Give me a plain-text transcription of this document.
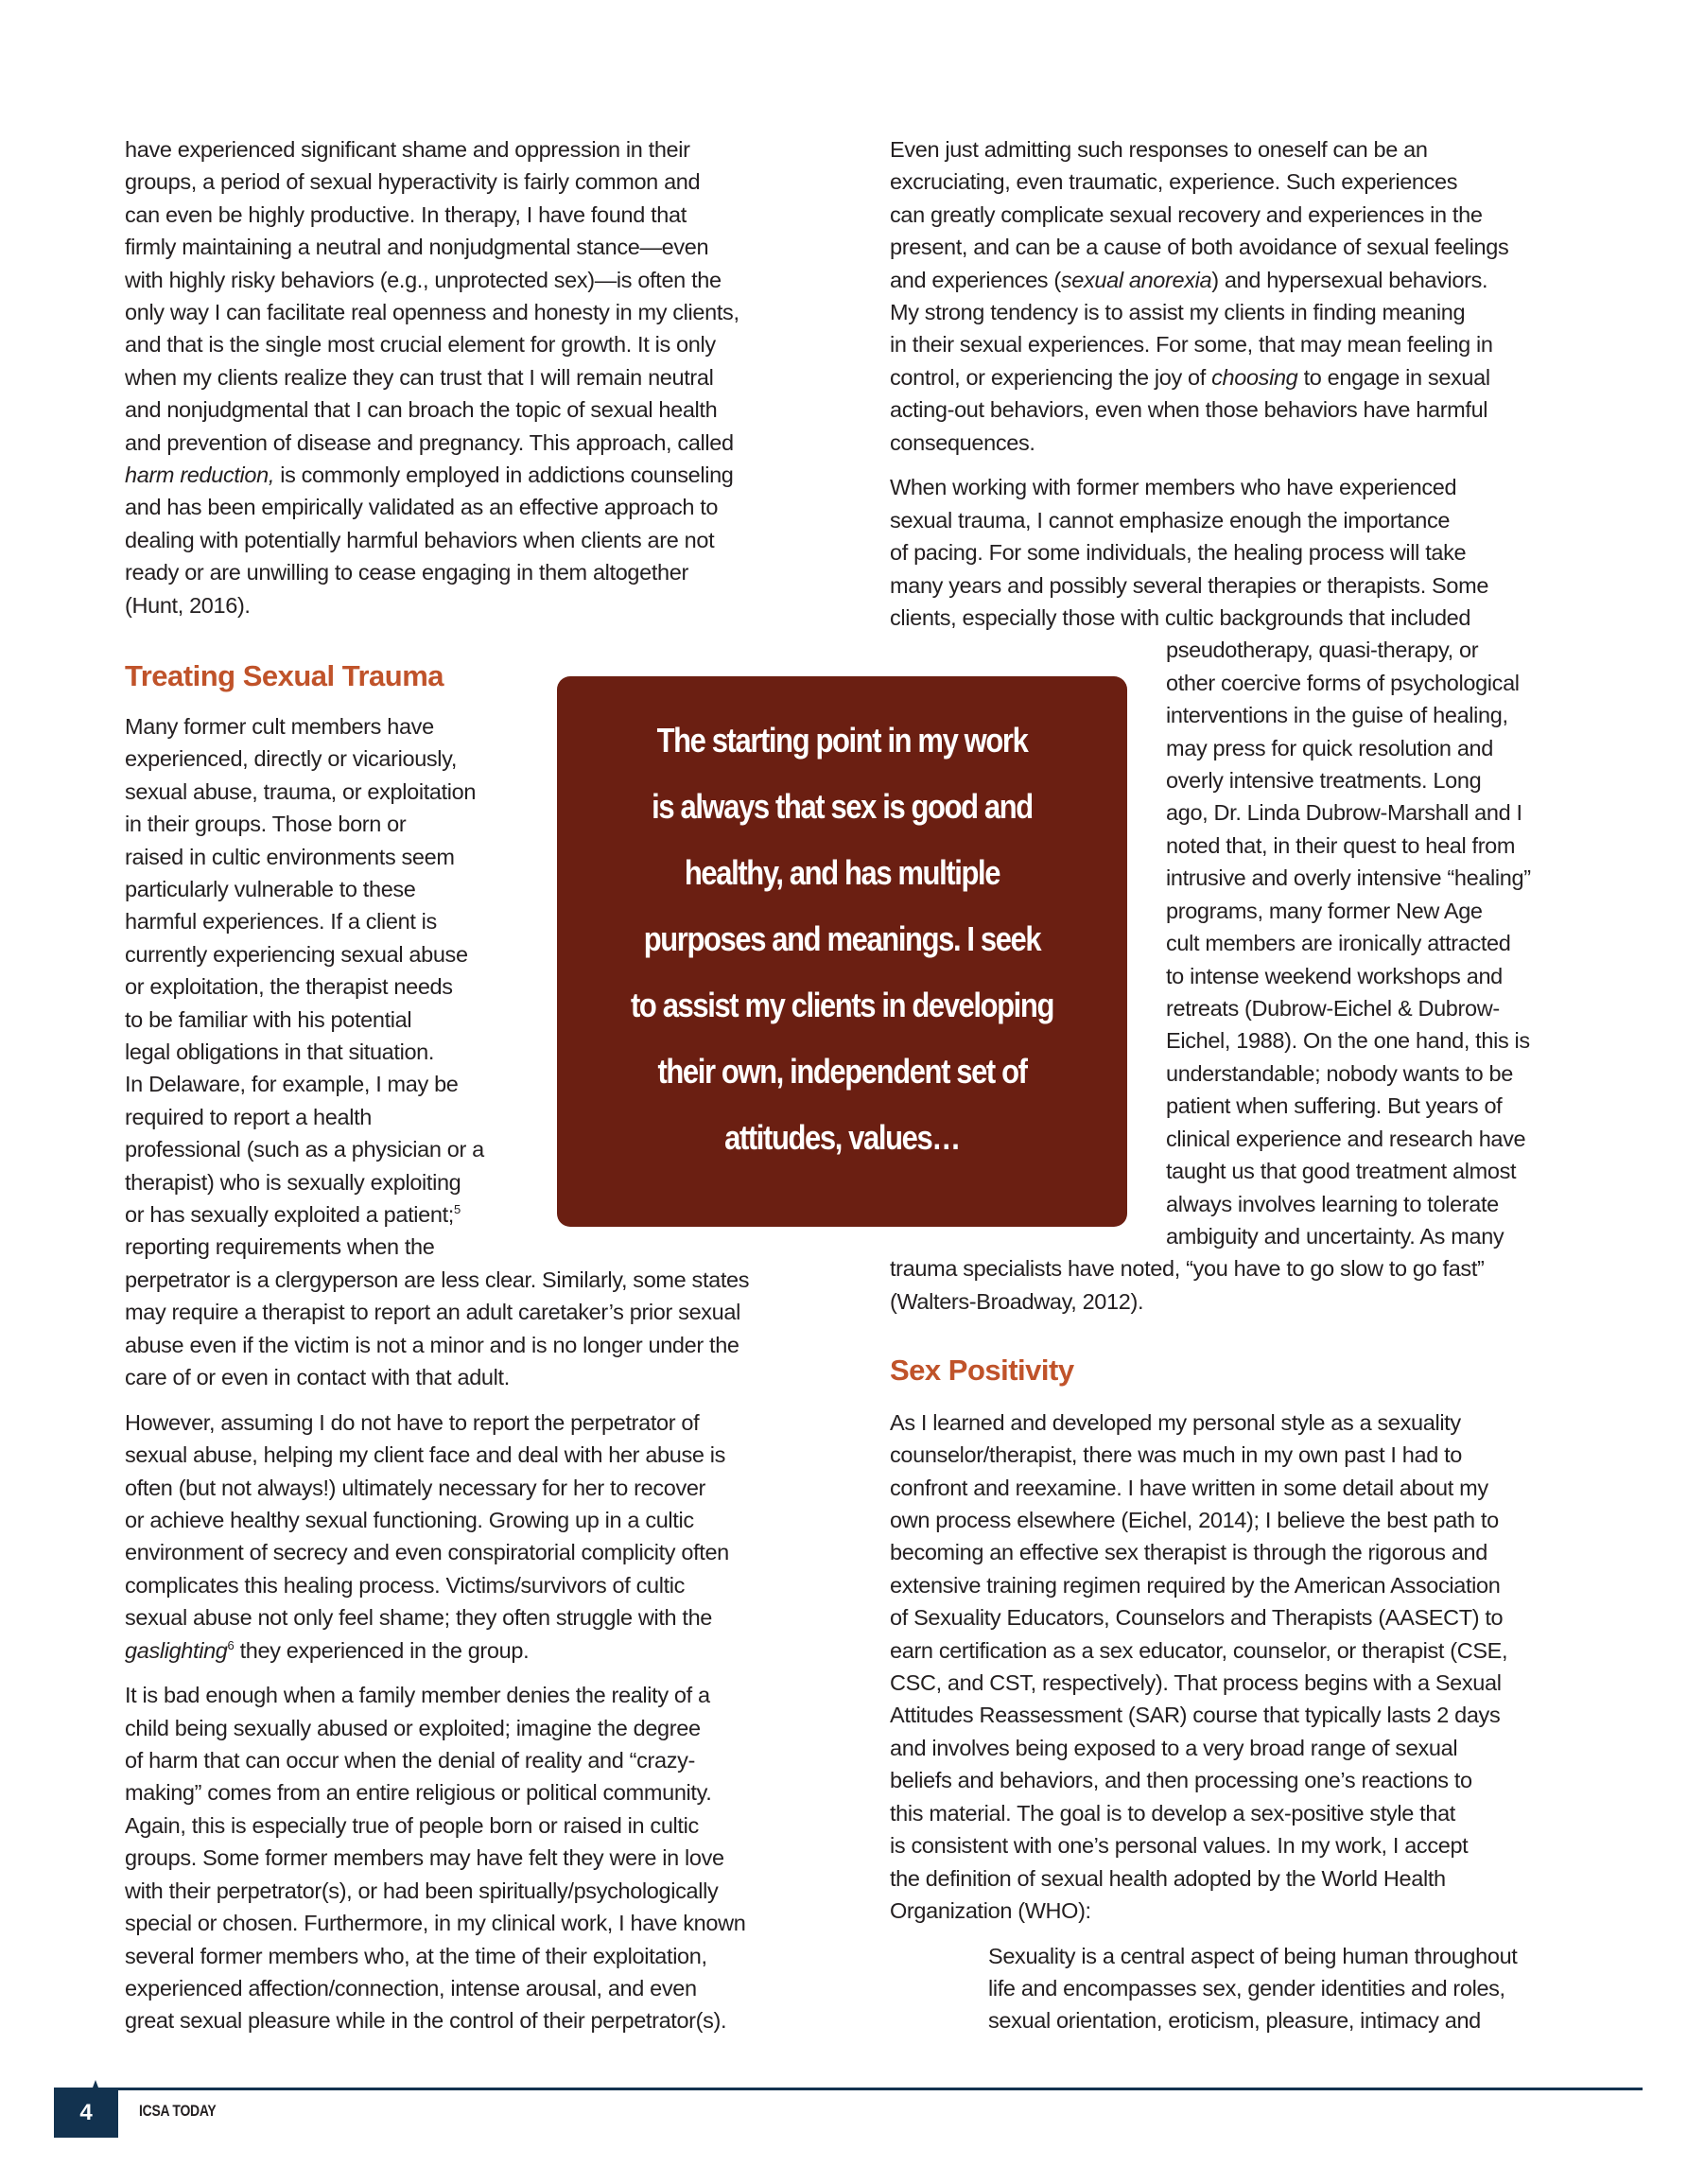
have experienced significant shame and oppression in their
groups, a period of sexual hyperactivity is fairly common and
can even be highly productive. In therapy, I have found that
firmly maintaining a neutral and nonjudgmental stance—even
with highly risky behaviors (e.g., unprotected sex)—is often the
only way I can facilitate real openness and honesty in my clients,
and that is the single most crucial element for growth. It is only
when my clients realize they can trust that I will remain neutral
and nonjudgmental that I can broach the topic of sexual health
and prevention of disease and pregnancy. This approach, called
harm reduction, is commonly employed in addictions counseling
and has been empirically validated as an effective approach to
dealing with potentially harmful behaviors when clients are not
ready or are unwilling to cease engaging in them altogether
(Hunt, 2016).
Treating Sexual Trauma
Many former cult members have
experienced, directly or vicariously,
sexual abuse, trauma, or exploitation
in their groups. Those born or
raised in cultic environments seem
particularly vulnerable to these
harmful experiences. If a client is
currently experiencing sexual abuse
or exploitation, the therapist needs
to be familiar with his potential
legal obligations in that situation.
In Delaware, for example, I may be
required to report a health
professional (such as a physician or a
therapist) who is sexually exploiting
or has sexually exploited a patient;$^5$
reporting requirements when the
perpetrator is a clergyperson are less clear. Similarly, some states
may require a therapist to report an adult caretaker’s prior sexual
abuse even if the victim is not a minor and is no longer under the
care of or even in contact with that adult.
However, assuming I do not have to report the perpetrator of
sexual abuse, helping my client face and deal with her abuse is
often (but not always!) ultimately necessary for her to recover
or achieve healthy sexual functioning. Growing up in a cultic
environment of secrecy and even conspiratorial complicity often
complicates this healing process. Victims/survivors of cultic
sexual abuse not only feel shame; they often struggle with the
gaslighting$^6$ they experienced in the group.
It is bad enough when a family member denies the reality of a
child being sexually abused or exploited; imagine the degree
of harm that can occur when the denial of reality and “crazy-
making” comes from an entire religious or political community.
Again, this is especially true of people born or raised in cultic
groups. Some former members may have felt they were in love
with their perpetrator(s), or had been spiritually/psychologically
special or chosen. Furthermore, in my clinical work, I have known
several former members who, at the time of their exploitation,
experienced affection/connection, intense arousal, and even
great sexual pleasure while in the control of their perpetrator(s).
Even just admitting such responses to oneself can be an
excruciating, even traumatic, experience. Such experiences
can greatly complicate sexual recovery and experiences in the
present, and can be a cause of both avoidance of sexual feelings
and experiences (sexual anorexia) and hypersexual behaviors.
My strong tendency is to assist my clients in finding meaning
in their sexual experiences. For some, that may mean feeling in
control, or experiencing the joy of choosing to engage in sexual
acting-out behaviors, even when those behaviors have harmful
consequences.
When working with former members who have experienced
sexual trauma, I cannot emphasize enough the importance
of pacing. For some individuals, the healing process will take
many years and possibly several therapies or therapists. Some
clients, especially those with cultic backgrounds that included
pseudotherapy, quasi-therapy, or
other coercive forms of psychological
interventions in the guise of healing,
may press for quick resolution and
overly intensive treatments. Long
ago, Dr. Linda Dubrow-Marshall and I
noted that, in their quest to heal from
intrusive and overly intensive “healing”
programs, many former New Age
cult members are ironically attracted
to intense weekend workshops and
retreats (Dubrow-Eichel & Dubrow-
Eichel, 1988). On the one hand, this is
understandable; nobody wants to be
patient when suffering. But years of
clinical experience and research have
taught us that good treatment almost
always involves learning to tolerate
ambiguity and uncertainty. As many
trauma specialists have noted, “you have to go slow to go fast”
(Walters-Broadway, 2012).
Sex Positivity
As I learned and developed my personal style as a sexuality
counselor/therapist, there was much in my own past I had to
confront and reexamine. I have written in some detail about my
own process elsewhere (Eichel, 2014); I believe the best path to
becoming an effective sex therapist is through the rigorous and
extensive training regimen required by the American Association
of Sexuality Educators, Counselors and Therapists (AASECT) to
earn certification as a sex educator, counselor, or therapist (CSE,
CSC, and CST, respectively). That process begins with a Sexual
Attitudes Reassessment (SAR) course that typically lasts 2 days
and involves being exposed to a very broad range of sexual
beliefs and behaviors, and then processing one’s reactions to
this material. The goal is to develop a sex-positive style that
is consistent with one’s personal values. In my work, I accept
the definition of sexual health adopted by the World Health
Organization (WHO):
Sexuality is a central aspect of being human throughout
life and encompasses sex, gender identities and roles,
sexual orientation, eroticism, pleasure, intimacy and
The starting point in my work
is always that sex is good and
healthy, and has multiple
purposes and meanings. I seek
to assist my clients in developing
their own, independent set of
attitudes, values…
4	ICSA TODAY
